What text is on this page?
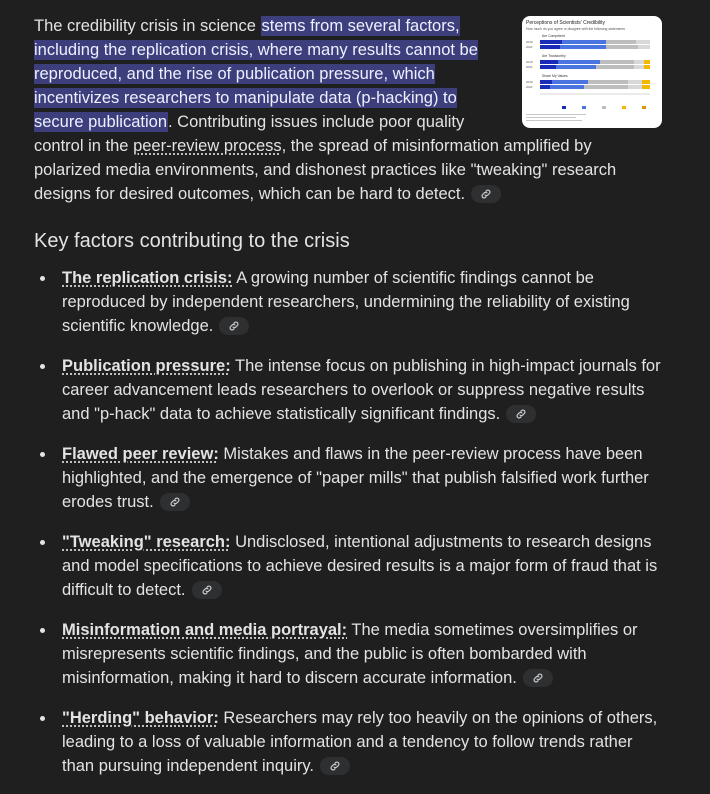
Perceptions of Scientists' Credibility
How much do you agree or disagree with the following statements
Are Competent
2019
2021
Are Trustworthy
2019
2021
Share My Values
2019
2021
The credibility crisis in science stems from several factors, including the replication crisis, where many results cannot be reproduced, and the rise of publication pressure, which incentivizes researchers to manipulate data (p-hacking) to secure publication. Contributing issues include poor quality control in the peer-review process, the spread of misinformation amplified by polarized media environments, and dishonest practices like "tweaking" research designs for desired outcomes, which can be hard to detect.

Key factors contributing to the crisis
The replication crisis: A growing number of scientific findings cannot be reproduced by independent researchers, undermining the reliability of existing scientific knowledge.
Publication pressure: The intense focus on publishing in high-impact journals for career advancement leads researchers to overlook or suppress negative results and "p-hack" data to achieve statistically significant findings.
Flawed peer review: Mistakes and flaws in the peer-review process have been highlighted, and the emergence of "paper mills" that publish falsified work further erodes trust.
"Tweaking" research: Undisclosed, intentional adjustments to research designs and model specifications to achieve desired results is a major form of fraud that is difficult to detect.
Misinformation and media portrayal: The media sometimes oversimplifies or misrepresents scientific findings, and the public is often bombarded with misinformation, making it hard to discern accurate information.
"Herding" behavior: Researchers may rely too heavily on the opinions of others, leading to a loss of valuable information and a tendency to follow trends rather than pursuing independent inquiry.
